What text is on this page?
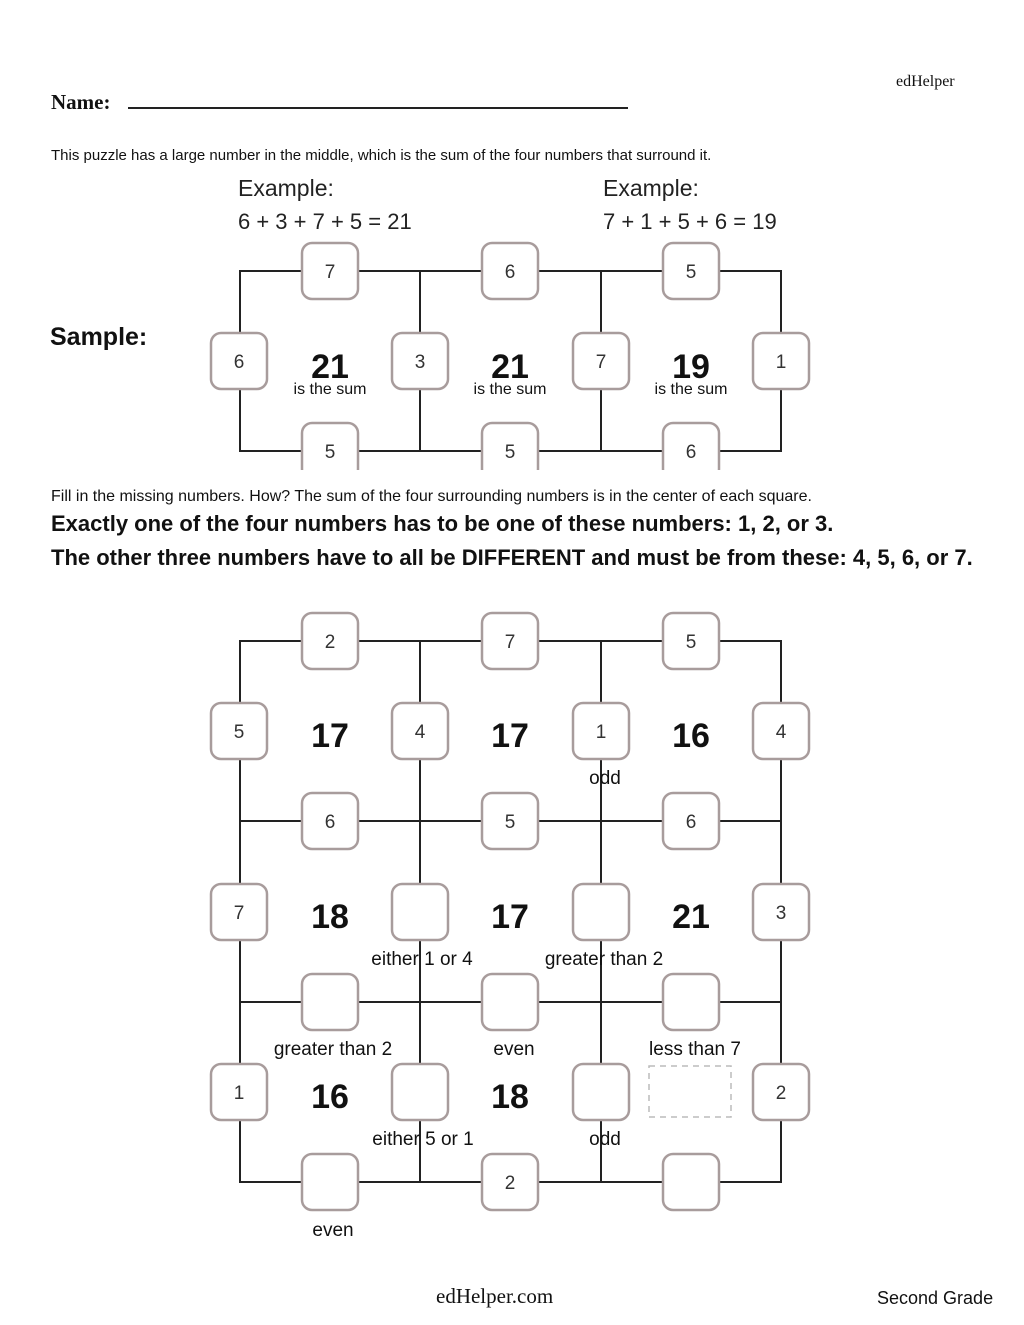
edHelper
Name:
This puzzle has a large number in the middle, which is the sum of the four numbers that surround it.
Example:
6 + 3 + 7 + 5 = 21
Example:
7 + 1 + 5 + 6 = 19
Sample:
7	6	5
5	5	6
6	3	7	1
21
is the sum
21
is the sum
19
is the sum
Fill in the missing numbers. How? The sum of the four surrounding numbers is in the center of each square.
Exactly one of the four numbers has to be one of these numbers: 1, 2, or 3.
The other three numbers have to all be DIFFERENT and must be from these: 4, 5, 6, or 7.
2	7	5
6	5	6
2
5	4	1	4
7	3
1	2
17	17	16
18	17	21
16	18
odd
either 1 or 4	greater than 2
greater than 2	even	less than 7
either 5 or 1	odd
even
edHelper.com	Second Grade
